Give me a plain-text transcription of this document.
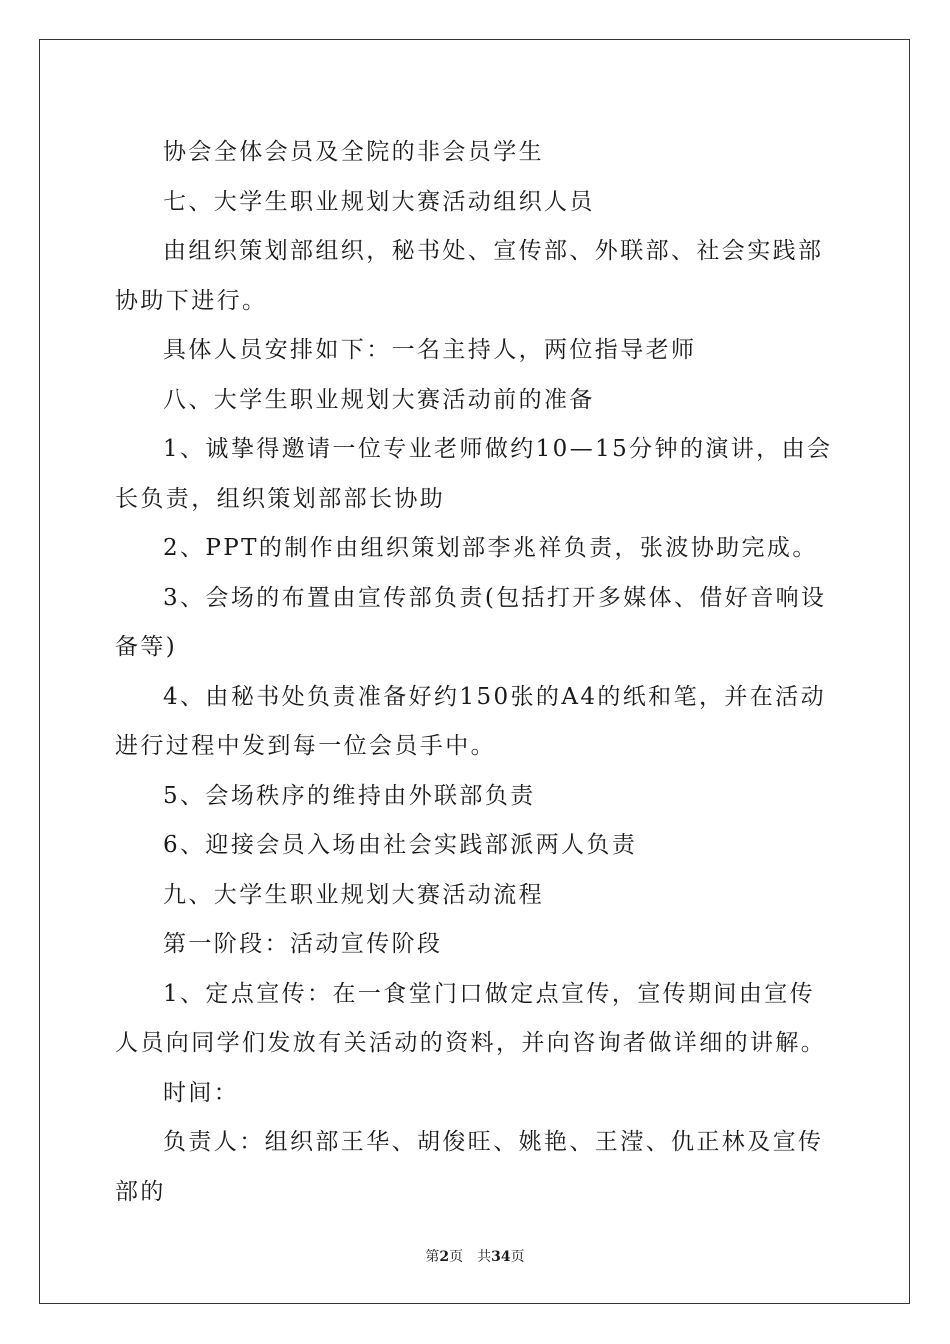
协会全体会员及全院的非会员学生

七、大学生职业规划大赛活动组织人员

由组织策划部组织，秘书处、宣传部、外联部、社会实践部协助下进行。

具体人员安排如下：一名主持人，两位指导老师

八、大学生职业规划大赛活动前的准备

1、诚挚得邀请一位专业老师做约10—15分钟的演讲，由会长负责，组织策划部部长协助

2、PPT的制作由组织策划部李兆祥负责，张波协助完成。

3、会场的布置由宣传部负责(包括打开多媒体、借好音响设备等)

4、由秘书处负责准备好约150张的A4的纸和笔，并在活动进行过程中发到每一位会员手中。

5、会场秩序的维持由外联部负责

6、迎接会员入场由社会实践部派两人负责

九、大学生职业规划大赛活动流程

第一阶段：活动宣传阶段

1、定点宣传：在一食堂门口做定点宣传，宣传期间由宣传人员向同学们发放有关活动的资料，并向咨询者做详细的讲解。

时间：

负责人：组织部王华、胡俊旺、姚艳、王滢、仇正林及宣传部的

第2页 共34页
